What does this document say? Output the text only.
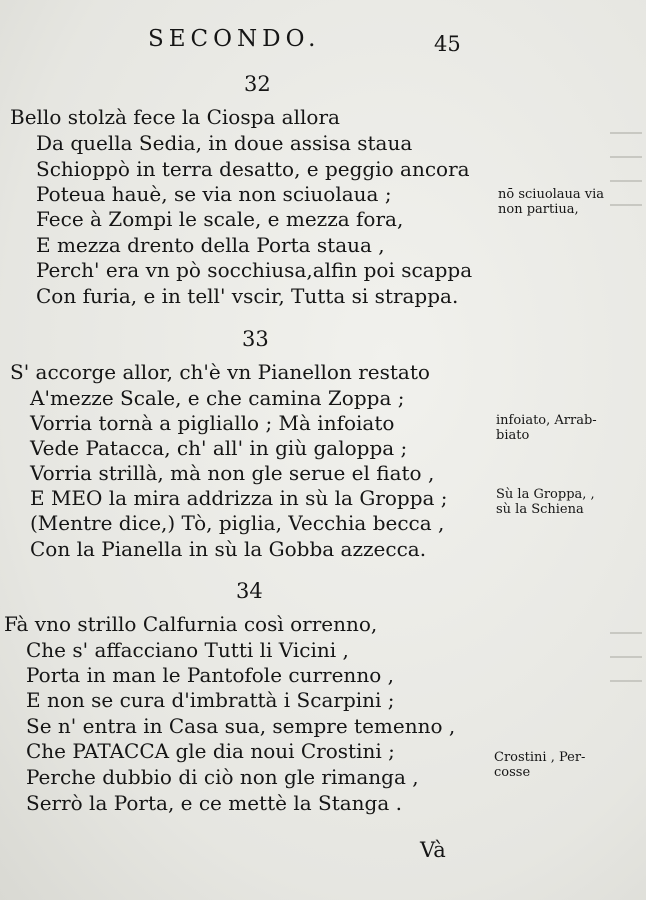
SECONDO.	45
32
Bello stolzà fece la Ciospa allora
Da quella Sedia, in doue assisa staua
Schioppò in terra desatto, e peggio ancora
Poteua hauè, se via non sciuolaua ;
Fece à Zompi le scale, e mezza fora,
E mezza drento della Porta staua ,
Perch' era vn pò socchiusa,alfin poi scappa
Con furia, e in tell' vscir, Tutta si strappa.
33
S' accorge allor, ch'è vn Pianellon restato
A'mezze Scale, e che camina Zoppa ;
Vorria tornà a pigliallo ; Mà infoiato
Vede Patacca, ch' all' in giù galoppa ;
Vorria strillà, mà non gle serue el fiato ,
E MEO la mira addrizza in sù la Groppa ;
(Mentre dice,) Tò, piglia, Vecchia becca ,
Con la Pianella in sù la Gobba azzecca.
34
Fà vno strillo Calfurnia così orrenno,
Che s' affacciano Tutti li Vicini ,
Porta in man le Pantofole currenno ,
E non se cura d'imbrattà i Scarpini ;
Se n' entra in Casa sua, sempre temenno ,
Che PATACCA gle dia noui Crostini ;
Perche dubbio di ciò non gle rimanga ,
Serrò la Porta, e ce mettè la Stanga .
nō sciuolaua via
non partiua,
infoiato, Arrab-
biato
Sù la Groppa, ,
sù la Schiena
Crostini , Per-
cosse
Và
